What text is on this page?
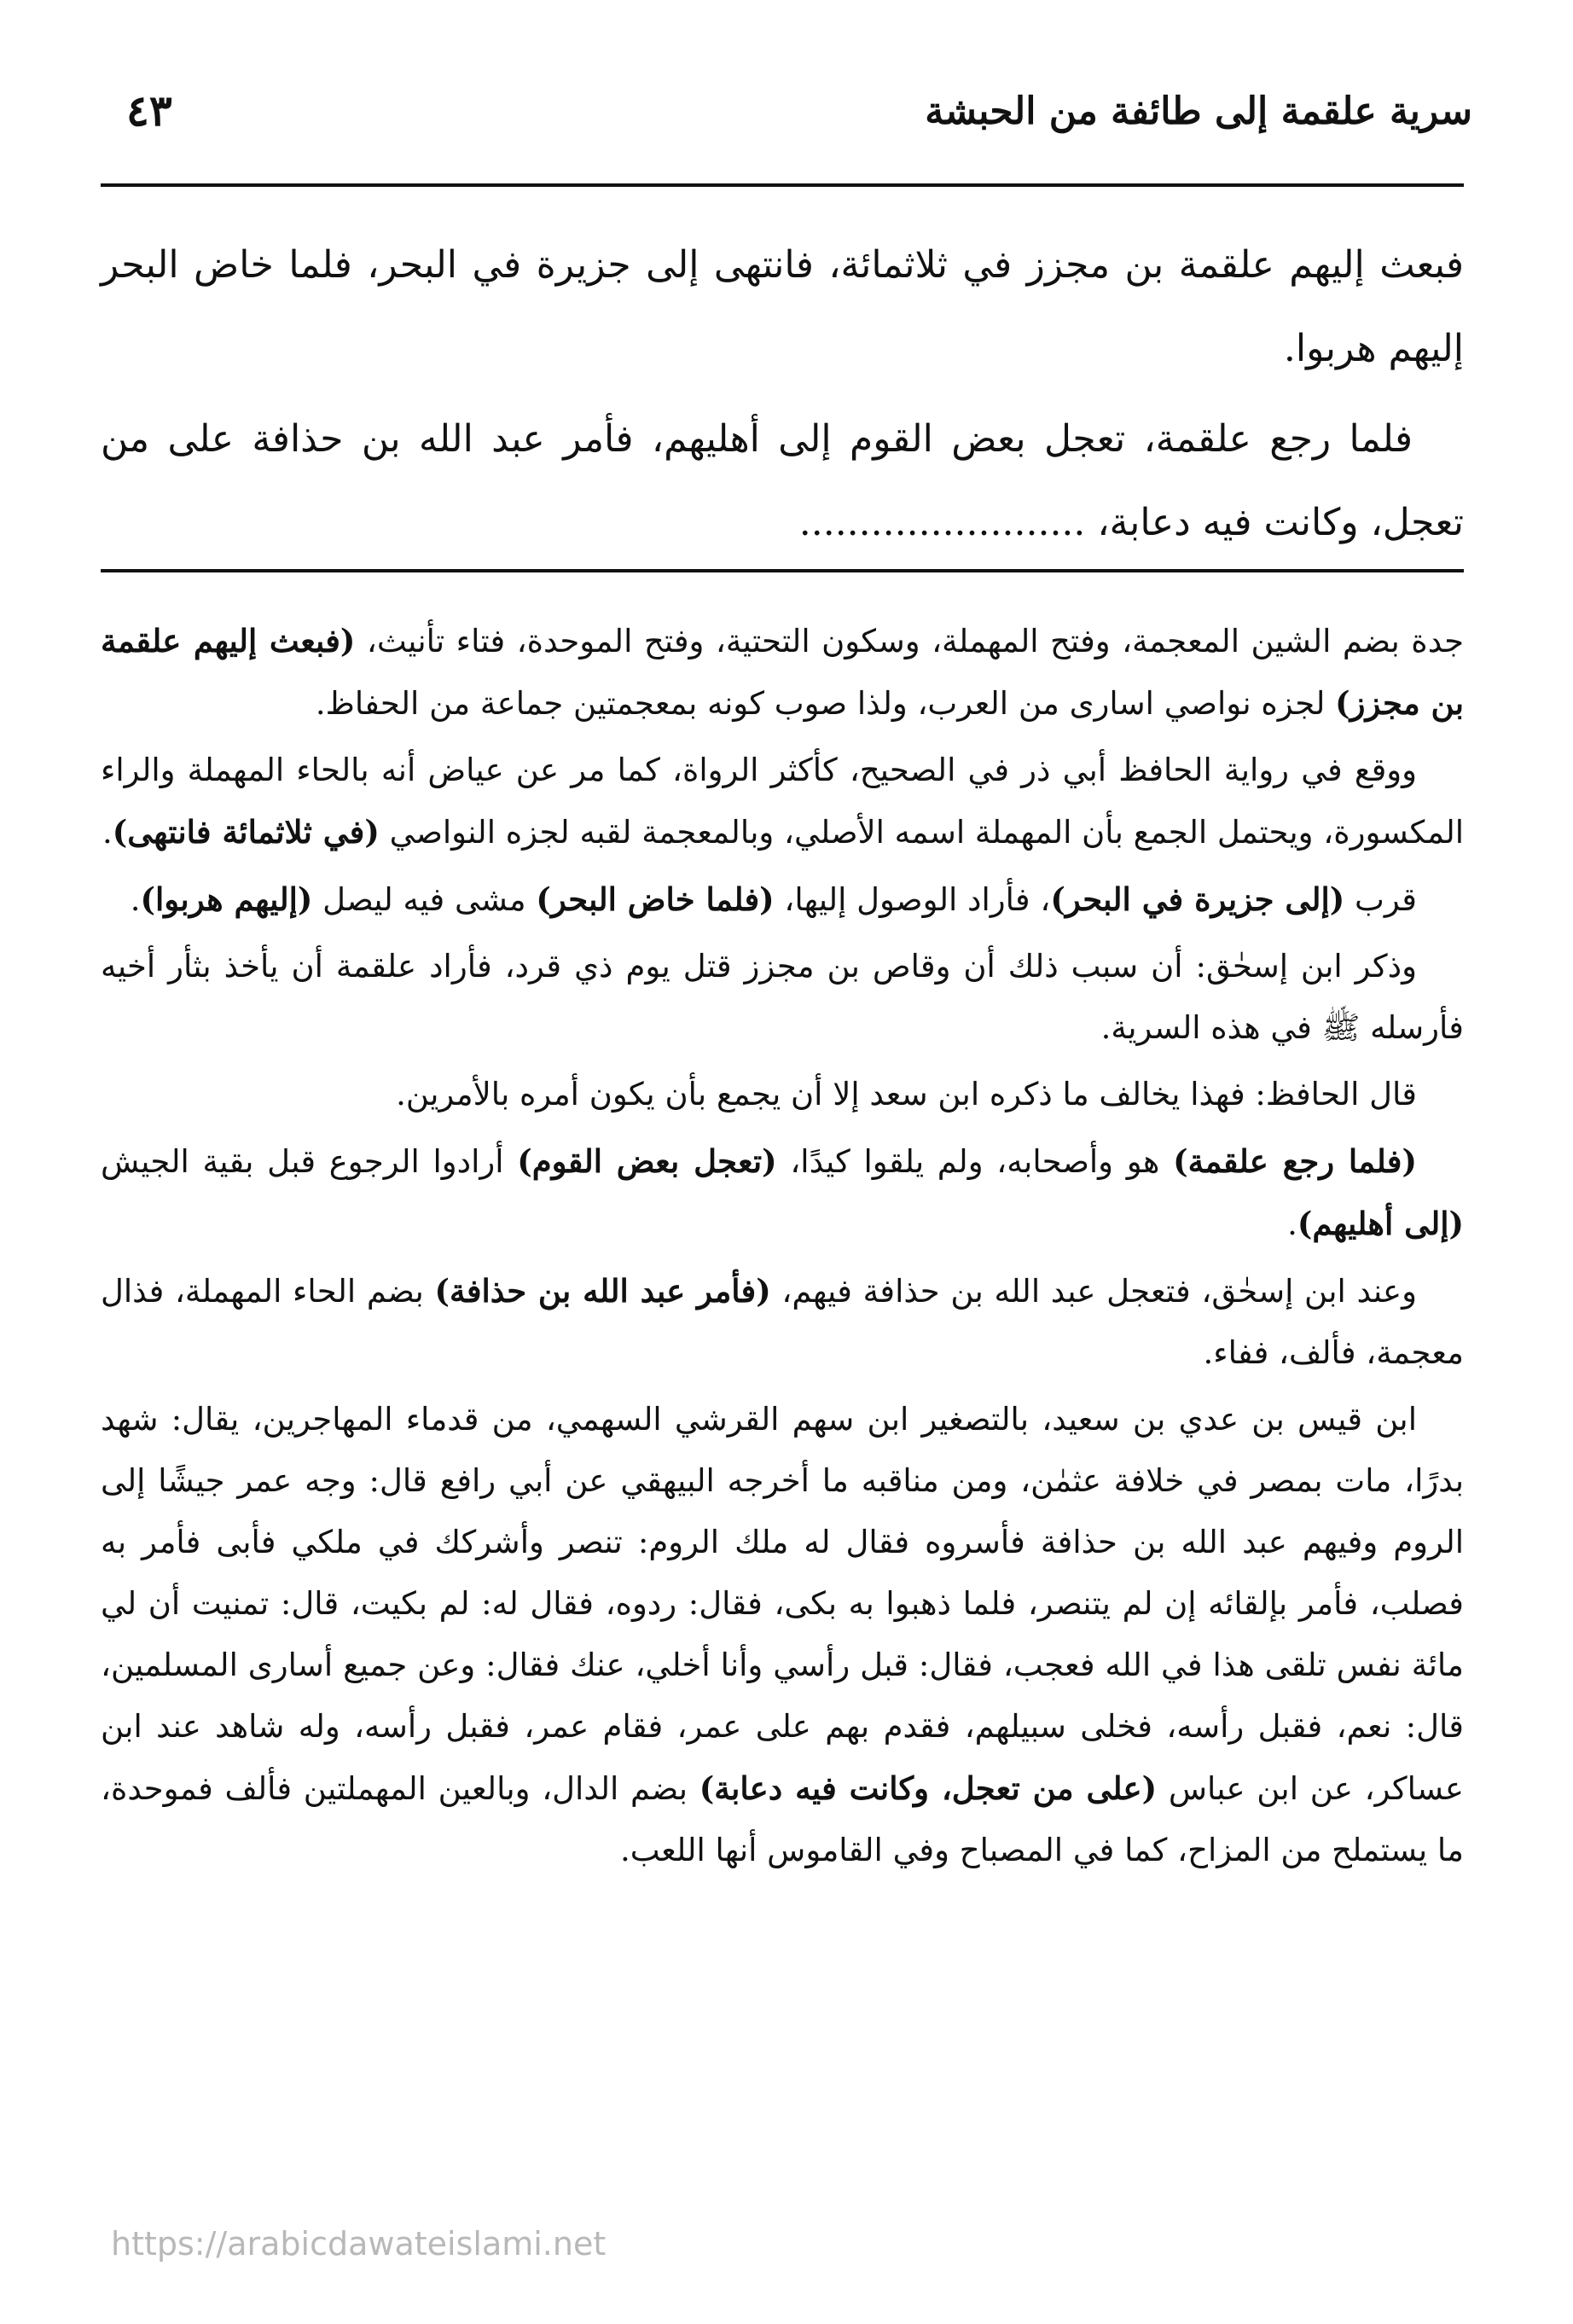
سرية علقمة إلى طائفة من الحبشة
٤٣

فبعث إليهم علقمة بن مجزز في ثلاثمائة، فانتهى إلى جزيرة في البحر، فلما خاض البحر إليهم هربوا.

فلما رجع علقمة، تعجل بعض القوم إلى أهليهم، فأمر عبد الله بن حذافة على من تعجل، وكانت فيه دعابة، ........................

جدة بضم الشين المعجمة، وفتح المهملة، وسكون التحتية، وفتح الموحدة، فتاء تأنيث، (فبعث إليهم علقمة بن مجزز) لجزه نواصي اسارى من العرب، ولذا صوب كونه بمعجمتين جماعة من الحفاظ.

ووقع في رواية الحافظ أبي ذر في الصحيح، كأكثر الرواة، كما مر عن عياض أنه بالحاء المهملة والراء المكسورة، ويحتمل الجمع بأن المهملة اسمه الأصلي، وبالمعجمة لقبه لجزه النواصي (في ثلاثمائة فانتهى).

قرب (إلى جزيرة في البحر)، فأراد الوصول إليها، (فلما خاض البحر) مشى فيه ليصل (إليهم هربوا).

وذكر ابن إسحٰق: أن سبب ذلك أن وقاص بن مجزز قتل يوم ذي قرد، فأراد علقمة أن يأخذ بثأر أخيه فأرسله ﷺ في هذه السرية.

قال الحافظ: فهذا يخالف ما ذكره ابن سعد إلا أن يجمع بأن يكون أمره بالأمرين.

(فلما رجع علقمة) هو وأصحابه، ولم يلقوا كيدًا، (تعجل بعض القوم) أرادوا الرجوع قبل بقية الجيش (إلى أهليهم).

وعند ابن إسحٰق، فتعجل عبد الله بن حذافة فيهم، (فأمر عبد الله بن حذافة) بضم الحاء المهملة، فذال معجمة، فألف، ففاء.

ابن قيس بن عدي بن سعيد، بالتصغير ابن سهم القرشي السهمي، من قدماء المهاجرين، يقال: شهد بدرًا، مات بمصر في خلافة عثمٰن، ومن مناقبه ما أخرجه البيهقي عن أبي رافع قال: وجه عمر جيشًا إلى الروم وفيهم عبد الله بن حذافة فأسروه فقال له ملك الروم: تنصر وأشركك في ملكي فأبى فأمر به فصلب، فأمر بإلقائه إن لم يتنصر، فلما ذهبوا به بكى، فقال: ردوه، فقال له: لم بكيت، قال: تمنيت أن لي مائة نفس تلقى هذا في الله فعجب، فقال: قبل رأسي وأنا أخلي، عنك فقال: وعن جميع أسارى المسلمين، قال: نعم، فقبل رأسه، فخلى سبيلهم، فقدم بهم على عمر، فقام عمر، فقبل رأسه، وله شاهد عند ابن عساكر، عن ابن عباس (على من تعجل، وكانت فيه دعابة) بضم الدال، وبالعين المهملتين فألف فموحدة، ما يستملح من المزاح، كما في المصباح وفي القاموس أنها اللعب.

https://arabicdawateislami.net
